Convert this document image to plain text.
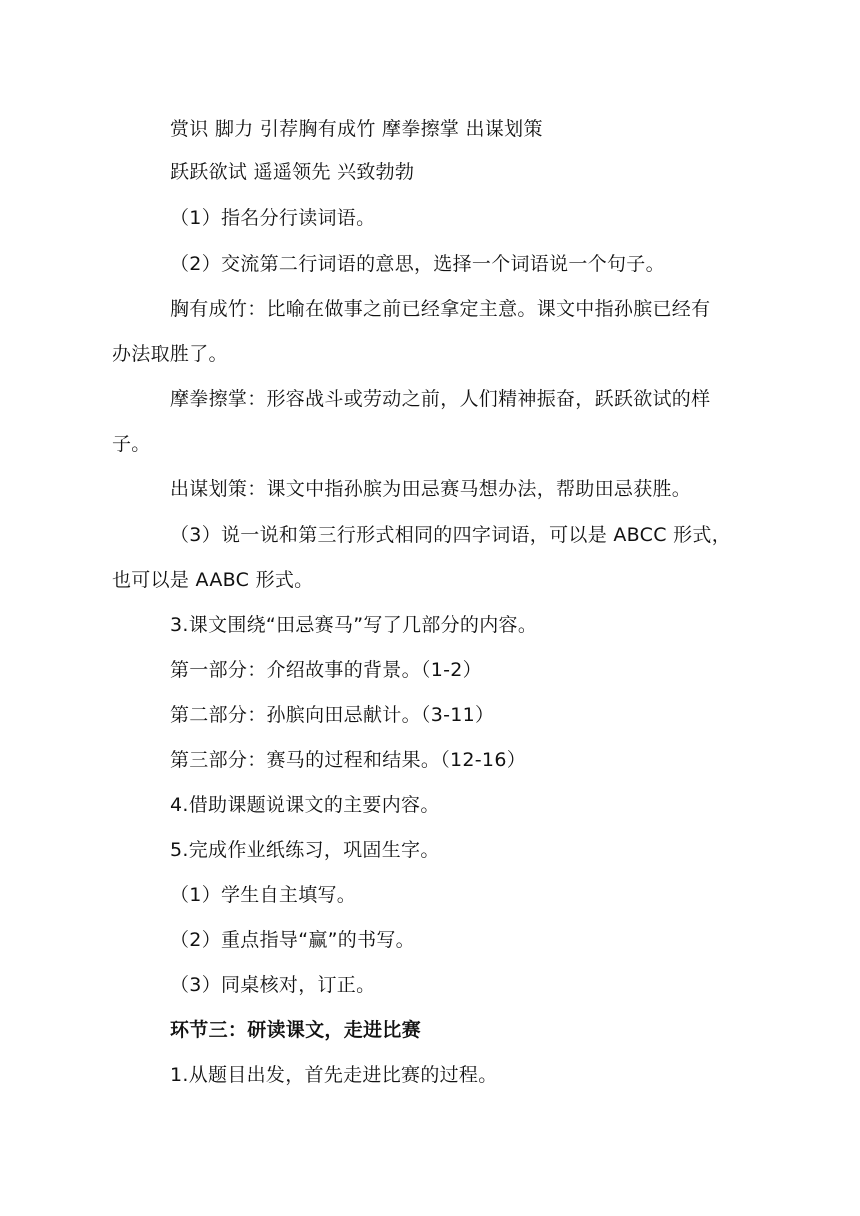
赏识 脚力 引荐胸有成竹 摩拳擦掌 出谋划策
跃跃欲试 遥遥领先 兴致勃勃
（1）指名分行读词语。
（2）交流第二行词语的意思，选择一个词语说一个句子。
胸有成竹：比喻在做事之前已经拿定主意。课文中指孙膑已经有
办法取胜了。
摩拳擦掌：形容战斗或劳动之前，人们精神振奋，跃跃欲试的样
子。
出谋划策：课文中指孙膑为田忌赛马想办法，帮助田忌获胜。
（3）说一说和第三行形式相同的四字词语，可以是 ABCC 形式，
也可以是 AABC 形式。
3.课文围绕“田忌赛马”写了几部分的内容。
第一部分：介绍故事的背景。（1-2）
第二部分：孙膑向田忌献计。（3-11）
第三部分：赛马的过程和结果。（12-16）
4.借助课题说课文的主要内容。
5.完成作业纸练习，巩固生字。
（1）学生自主填写。
（2）重点指导“赢”的书写。
（3）同桌核对，订正。
环节三：研读课文，走进比赛
1.从题目出发，首先走进比赛的过程。
